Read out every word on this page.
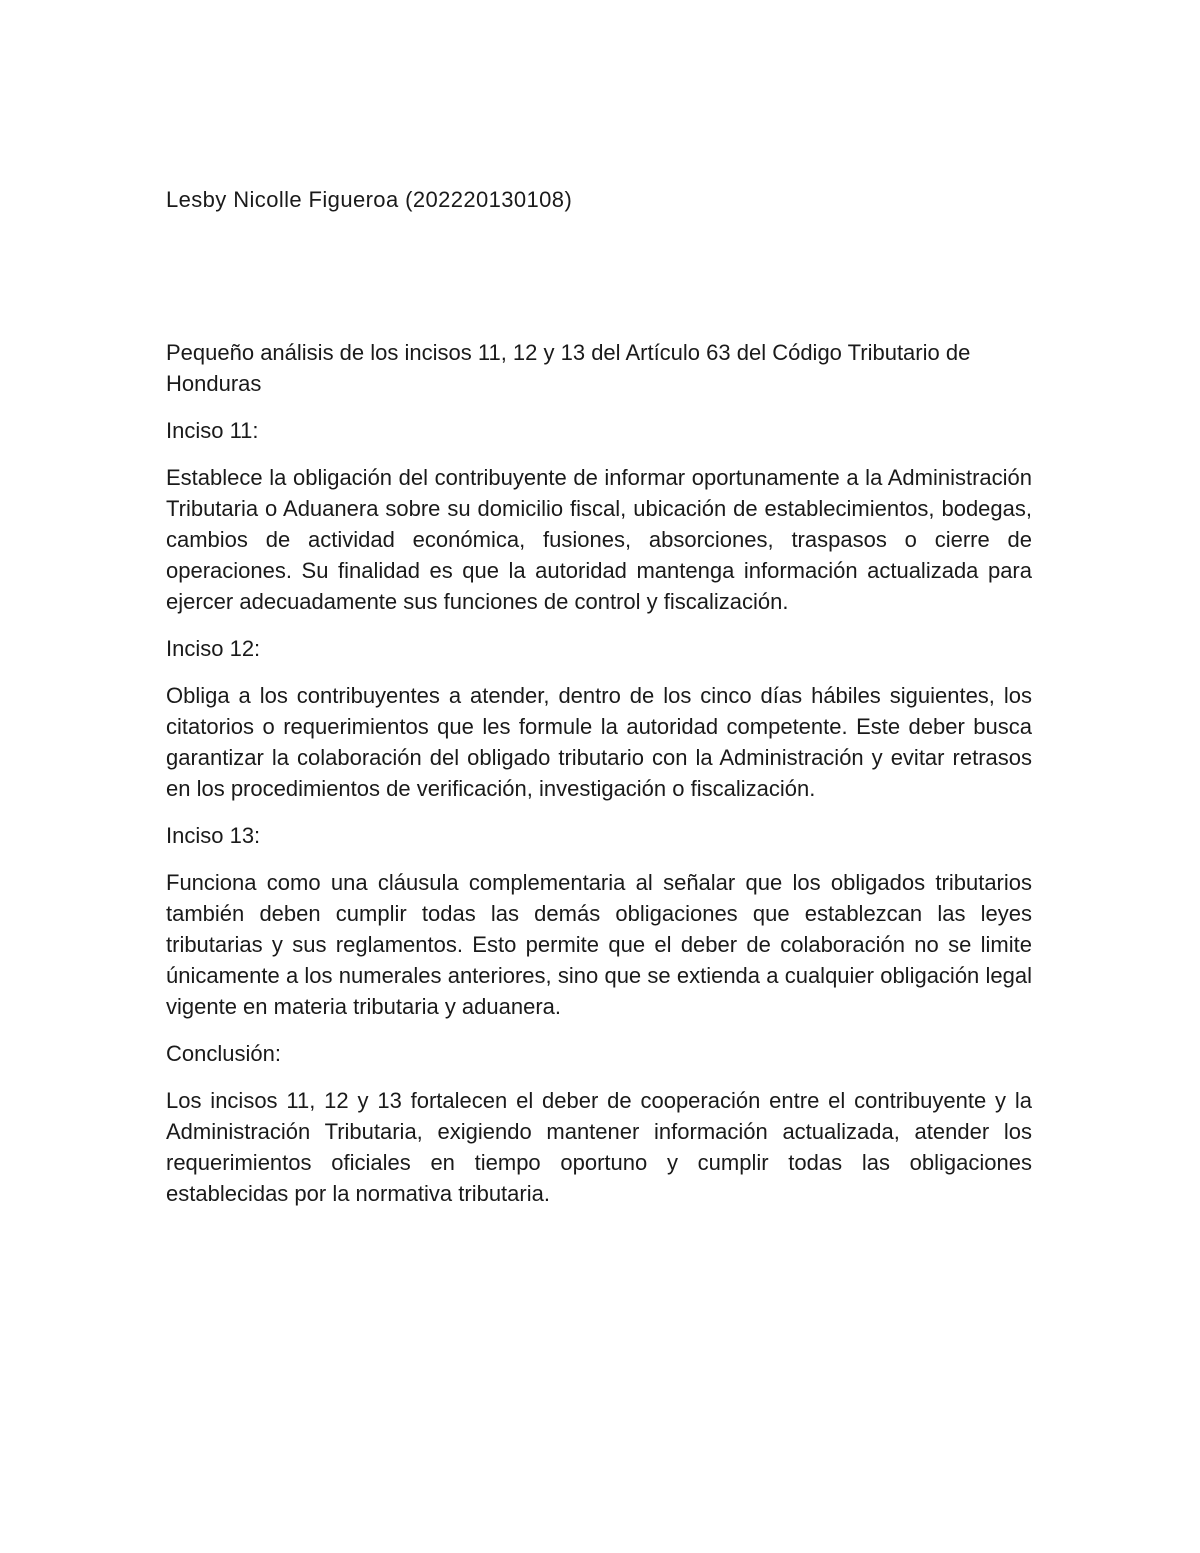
Lesby Nicolle Figueroa (202220130108)

Pequeño análisis de los incisos 11, 12 y 13 del Artículo 63 del Código Tributario de Honduras

Inciso 11:

Establece la obligación del contribuyente de informar oportunamente a la Administración Tributaria o Aduanera sobre su domicilio fiscal, ubicación de establecimientos, bodegas, cambios de actividad económica, fusiones, absorciones, traspasos o cierre de operaciones. Su finalidad es que la autoridad mantenga información actualizada para ejercer adecuadamente sus funciones de control y fiscalización.

Inciso 12:

Obliga a los contribuyentes a atender, dentro de los cinco días hábiles siguientes, los citatorios o requerimientos que les formule la autoridad competente. Este deber busca garantizar la colaboración del obligado tributario con la Administración y evitar retrasos en los procedimientos de verificación, investigación o fiscalización.

Inciso 13:

Funciona como una cláusula complementaria al señalar que los obligados tributarios también deben cumplir todas las demás obligaciones que establezcan las leyes tributarias y sus reglamentos. Esto permite que el deber de colaboración no se limite únicamente a los numerales anteriores, sino que se extienda a cualquier obligación legal vigente en materia tributaria y aduanera.

Conclusión:

Los incisos 11, 12 y 13 fortalecen el deber de cooperación entre el contribuyente y la Administración Tributaria, exigiendo mantener información actualizada, atender los requerimientos oficiales en tiempo oportuno y cumplir todas las obligaciones establecidas por la normativa tributaria.
